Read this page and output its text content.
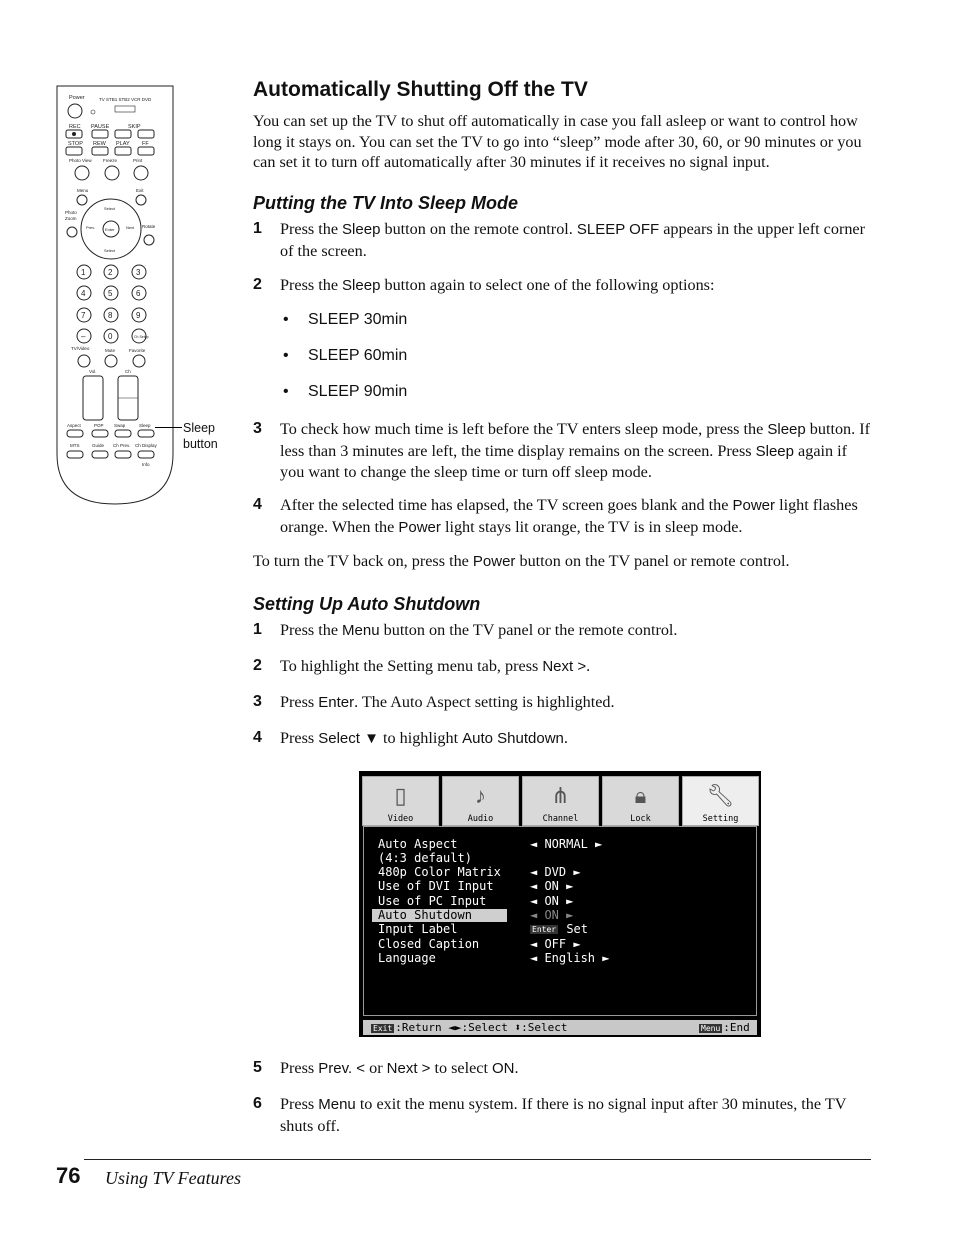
Automatically Shutting Off the TV

You can set up the TV to shut off automatically in case you fall asleep or want to control how long it stays on. You can set the TV to go into “sleep” mode after 30, 60, or 90 minutes or you can set it to turn off automatically after 30 minutes if it receives no signal input.

Putting the TV Into Sleep Mode
1 Press the Sleep button on the remote control. SLEEP OFF appears in the upper left corner of the screen.
2 Press the Sleep button again to select one of the following options:
• SLEEP 30min
• SLEEP 60min
• SLEEP 90min
3 To check how much time is left before the TV enters sleep mode, press the Sleep button. If less than 3 minutes are left, the time display remains on the screen. Press Sleep again if you want to change the sleep time or turn off sleep mode.
4 After the selected time has elapsed, the TV screen goes blank and the Power light flashes orange. When the Power light stays lit orange, the TV is in sleep mode.

To turn the TV back on, press the Power button on the TV panel or remote control.

Setting Up Auto Shutdown
1 Press the Menu button on the TV panel or the remote control.
2 To highlight the Setting menu tab, press Next >.
3 Press Enter. The Auto Aspect setting is highlighted.
4 Press Select ▼ to highlight Auto Shutdown.
▯
Video
♪
Audio
⋔
Channel
🔒︎
Lock
🔧︎
Setting
Auto Aspect	◄ NORMAL ►
(4:3 default)
480p Color Matrix ◄ DVD ►
Use of DVI Input	◄ ON ►
Use of PC Input	◄ ON ►
Auto Shutdown	◄ ON ►
Input Label	Enter Set
Closed Caption	◄ OFF ►
Language	◄ English ►
Exit :Return ◄►:Select ⬍:Select	Menu :End
5 Press Prev. < or Next > to select ON.
6 Press Menu to exit the menu system. If there is no signal input after 30 minutes, the TV shuts off.
Power	TV STB1 STB2 VCR DVD
REC PAUSE	SKIP
STOP REW PLAY FF
Photo View	Freeze	Print
Menu	Exit
Photo
Zoom
Rotate
Enter
Select
Select
Prev.	Next
1	2	3
4	5	6
7	8	9
–	0	Ch Setup
TV/Video	Mute	Favorite
Vol.	Ch
Aspect	POP Swap	Sleep
MTS	Guide Ch Prev. Ch Display
Info
Sleep
button
76 Using TV Features
